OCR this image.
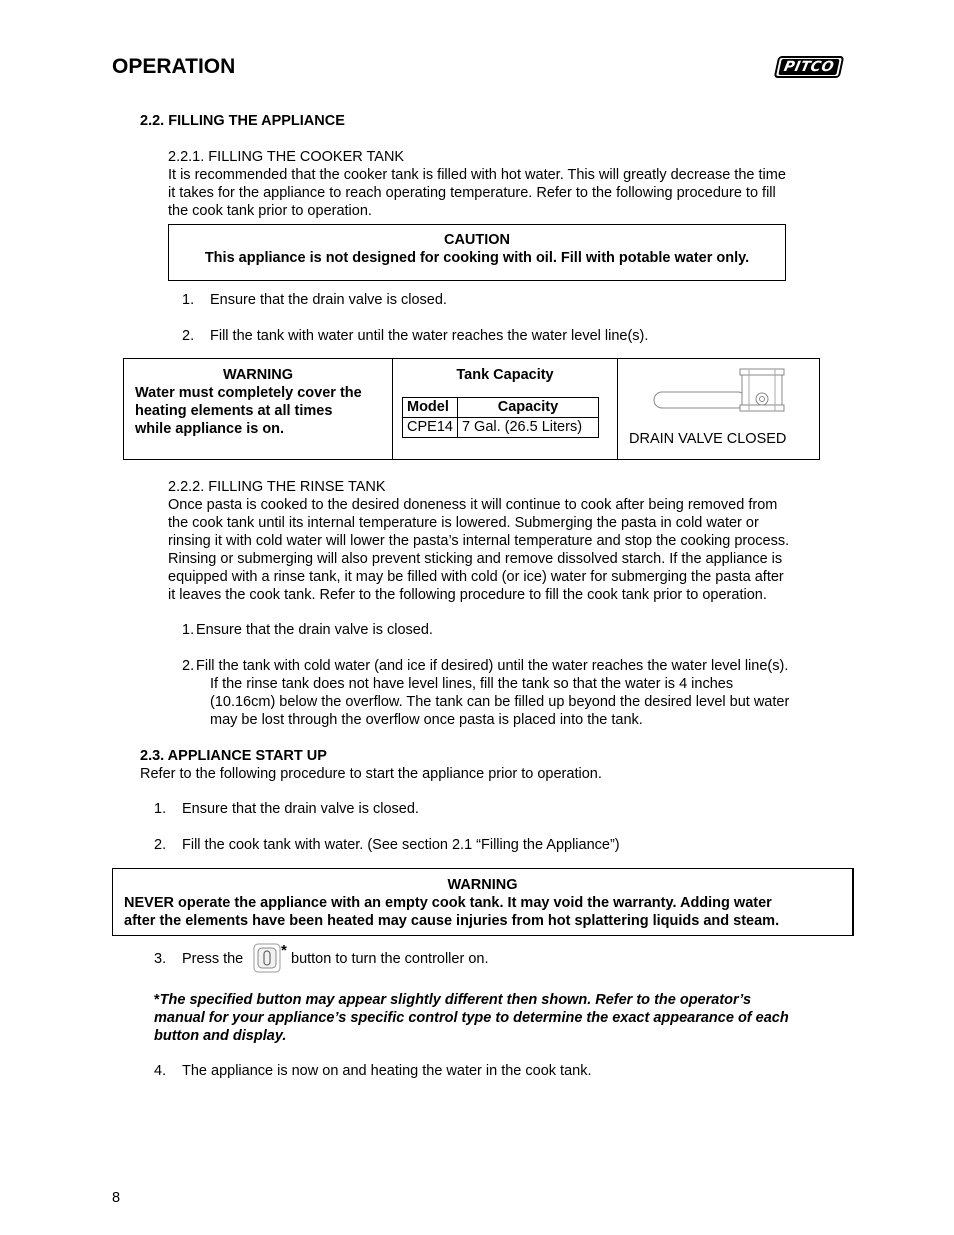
OPERATION	PITCO
2.2. FILLING THE APPLIANCE
2.2.1. FILLING THE COOKER TANK
It is recommended that the cooker tank is filled with hot water. This will greatly decrease the time
it takes for the appliance to reach operating temperature. Refer to the following procedure to fill
the cook tank prior to operation.
CAUTION
This appliance is not designed for cooking with oil. Fill with potable water only.
1. Ensure that the drain valve is closed.
2. Fill the tank with water until the water reaches the water level line(s).
WARNING
Water must completely cover the
heating elements at all times
while appliance is on.
Tank Capacity
Model	Capacity
CPE14	7 Gal. (26.5 Liters)
DRAIN VALVE CLOSED
2.2.2. FILLING THE RINSE TANK
Once pasta is cooked to the desired doneness it will continue to cook after being removed from
the cook tank until its internal temperature is lowered. Submerging the pasta in cold water or
rinsing it with cold water will lower the pasta’s internal temperature and stop the cooking process.
Rinsing or submerging will also prevent sticking and remove dissolved starch. If the appliance is
equipped with a rinse tank, it may be filled with cold (or ice) water for submerging the pasta after
it leaves the cook tank. Refer to the following procedure to fill the cook tank prior to operation.
1. Ensure that the drain valve is closed.
2. Fill the tank with cold water (and ice if desired) until the water reaches the water level line(s).
If the rinse tank does not have level lines, fill the tank so that the water is 4 inches
(10.16cm) below the overflow. The tank can be filled up beyond the desired level but water
may be lost through the overflow once pasta is placed into the tank.
2.3. APPLIANCE START UP
Refer to the following procedure to start the appliance prior to operation.
1. Ensure that the drain valve is closed.
2. Fill the cook tank with water. (See section 2.1 “Filling the Appliance”)
WARNING
NEVER operate the appliance with an empty cook tank. It may void the warranty. Adding water
after the elements have been heated may cause injuries from hot splattering liquids and steam.
3. Press the	* button to turn the controller on.
*The specified button may appear slightly different then shown. Refer to the operator’s
manual for your appliance’s specific control type to determine the exact appearance of each
button and display.
4. The appliance is now on and heating the water in the cook tank.
8
